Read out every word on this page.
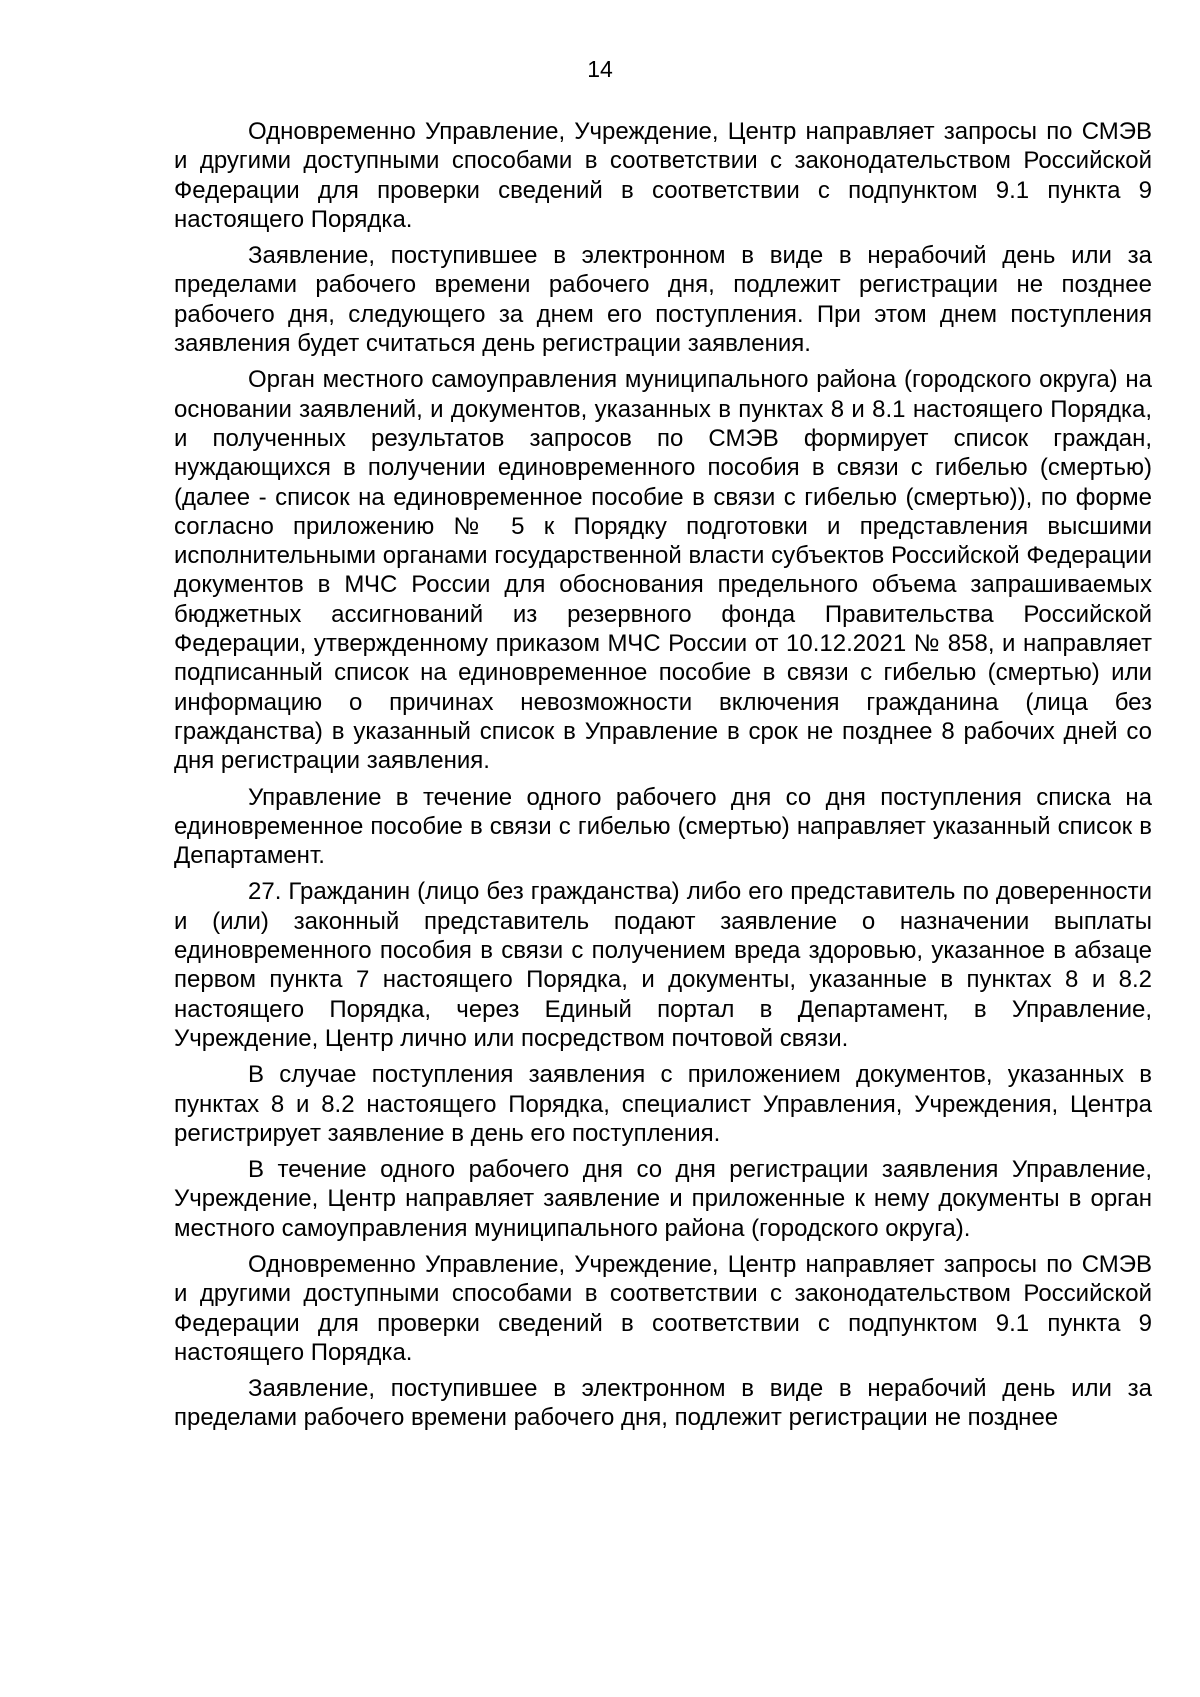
14

Одновременно Управление, Учреждение, Центр направляет запросы по СМЭВ и другими доступными способами в соответствии с законодательством Российской Федерации для проверки сведений в соответствии с подпунктом 9.1 пункта 9 настоящего Порядка.

Заявление, поступившее в электронном в виде в нерабочий день или за пределами рабочего времени рабочего дня, подлежит регистрации не позднее рабочего дня, следующего за днем его поступления. При этом днем поступления заявления будет считаться день регистрации заявления.

Орган местного самоуправления муниципального района (городского округа) на основании заявлений, и документов, указанных в пунктах 8 и 8.1 настоящего Порядка, и полученных результатов запросов по СМЭВ формирует список граждан, нуждающихся в получении единовременного пособия в связи с гибелью (смертью) (далее - список на единовременное пособие в связи с гибелью (смертью)), по форме согласно приложению № 5 к Порядку подготовки и представления высшими исполнительными органами государственной власти субъектов Российской Федерации документов в МЧС России для обоснования предельного объема запрашиваемых бюджетных ассигнований из резервного фонда Правительства Российской Федерации, утвержденному приказом МЧС России от 10.12.2021 № 858, и направляет подписанный список на единовременное пособие в связи с гибелью (смертью) или информацию о причинах невозможности включения гражданина (лица без гражданства) в указанный список в Управление в срок не позднее 8 рабочих дней со дня регистрации заявления.

Управление в течение одного рабочего дня со дня поступления списка на единовременное пособие в связи с гибелью (смертью) направляет указанный список в Департамент.

27. Гражданин (лицо без гражданства) либо его представитель по доверенности и (или) законный представитель подают заявление о назначении выплаты единовременного пособия в связи с получением вреда здоровью, указанное в абзаце первом пункта 7 настоящего Порядка, и документы, указанные в пунктах 8 и 8.2 настоящего Порядка, через Единый портал в Департамент, в Управление, Учреждение, Центр лично или посредством почтовой связи.

В случае поступления заявления с приложением документов, указанных в пунктах 8 и 8.2 настоящего Порядка, специалист Управления, Учреждения, Центра регистрирует заявление в день его поступления.

В течение одного рабочего дня со дня регистрации заявления Управление, Учреждение, Центр направляет заявление и приложенные к нему документы в орган местного самоуправления муниципального района (городского округа).

Одновременно Управление, Учреждение, Центр направляет запросы по СМЭВ и другими доступными способами в соответствии с законодательством Российской Федерации для проверки сведений в соответствии с подпунктом 9.1 пункта 9 настоящего Порядка.

Заявление, поступившее в электронном в виде в нерабочий день или за пределами рабочего времени рабочего дня, подлежит регистрации не позднее
